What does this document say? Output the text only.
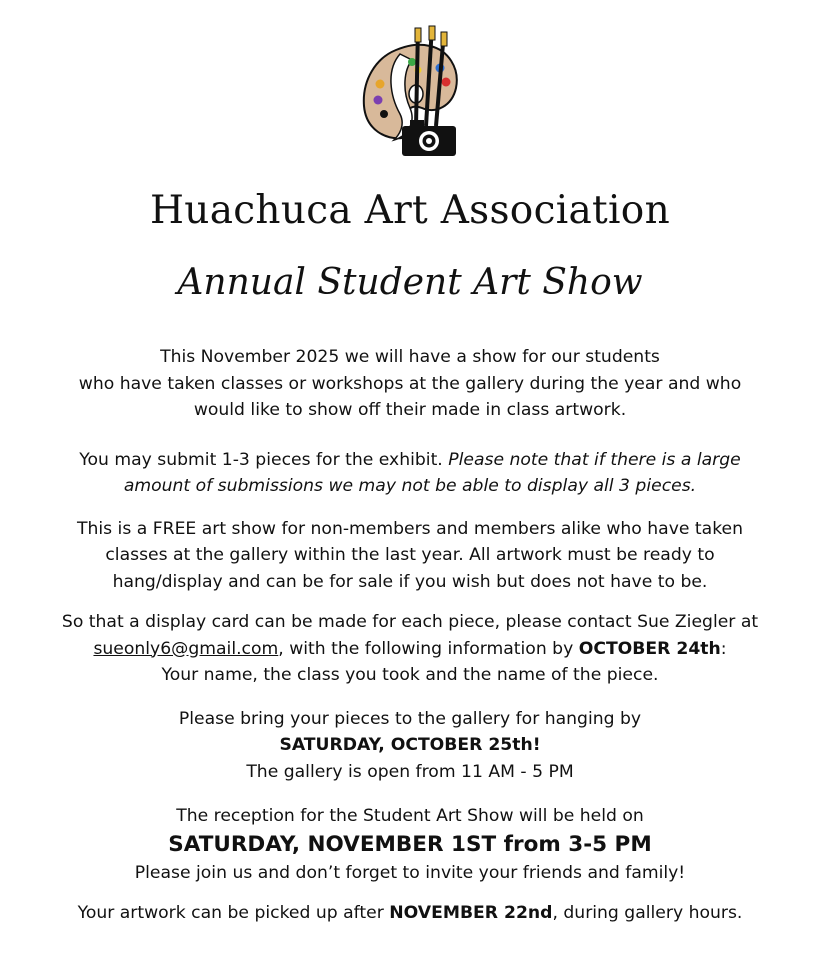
Huachuca Art Association
Annual Student Art Show

This November 2025 we will have a show for our students
who have taken classes or workshops at the gallery during the year and who
would like to show off their made in class artwork.

You may submit 1-3 pieces for the exhibit. Please note that if there is a large
amount of submissions we may not be able to display all 3 pieces.

This is a FREE art show for non-members and members alike who have taken
classes at the gallery within the last year. All artwork must be ready to
hang/display and can be for sale if you wish but does not have to be.

So that a display card can be made for each piece, please contact Sue Ziegler at
sueonly6@gmail.com, with the following information by OCTOBER 24th:
Your name, the class you took and the name of the piece.

Please bring your pieces to the gallery for hanging by
SATURDAY, OCTOBER 25th!
The gallery is open from 11 AM - 5 PM

The reception for the Student Art Show will be held on
SATURDAY, NOVEMBER 1ST from 3-5 PM
Please join us and don’t forget to invite your friends and family!

Your artwork can be picked up after NOVEMBER 22nd, during gallery hours.
